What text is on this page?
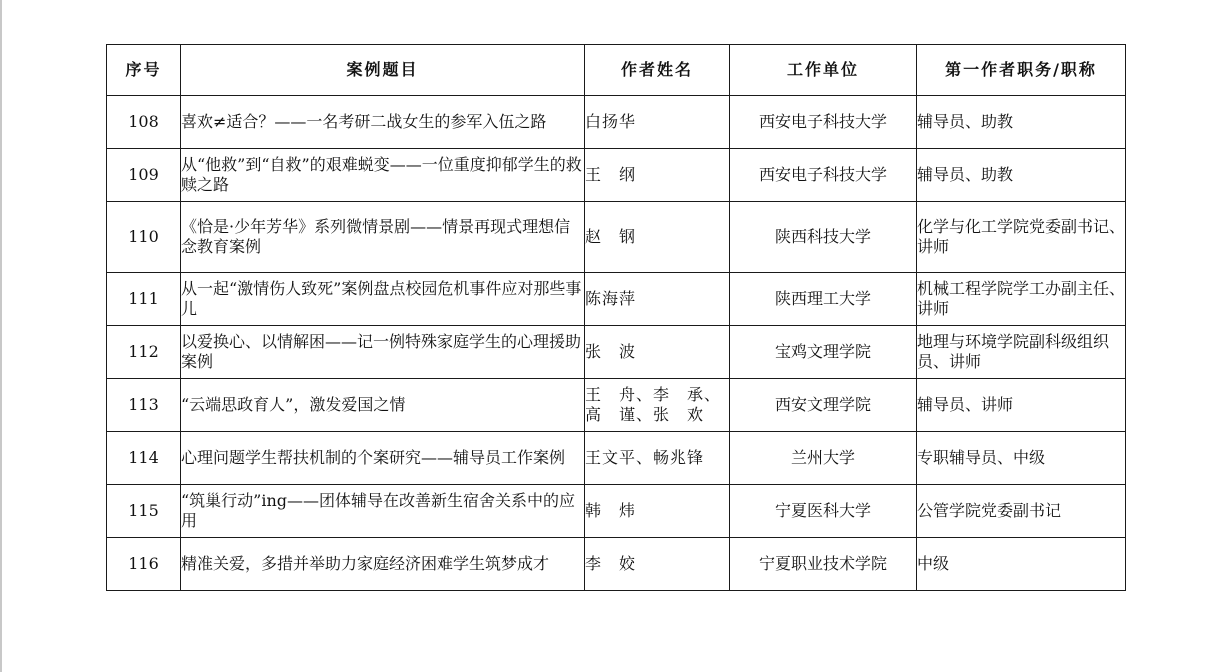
序号	案例题目	作者姓名	工作单位	第一作者职务/职称
108	喜欢≠适合？——一名考研二战女生的参军入伍之路	白扬华	西安电子科技大学	辅导员、助教
109	从“他救”到“自救”的艰难蜕变——一位重度抑郁学生的救赎之路	王　纲	西安电子科技大学	辅导员、助教
110	《恰是·少年芳华》系列微情景剧——情景再现式理想信念教育案例	赵　钢	陕西科技大学	化学与化工学院党委副书记、讲师
111	从一起“激情伤人致死”案例盘点校园危机事件应对那些事儿	陈海萍	陕西理工大学	机械工程学院学工办副主任、讲师
112	以爱换心、以情解困——记一例特殊家庭学生的心理援助案例	张　波	宝鸡文理学院	地理与环境学院副科级组织员、讲师
113	“云端思政育人”，激发爱国之情	王　舟、李　承、高　谨、张　欢	西安文理学院	辅导员、讲师
114	心理问题学生帮扶机制的个案研究——辅导员工作案例	王文平、畅兆锋	兰州大学	专职辅导员、中级
115	“筑巢行动”ing——团体辅导在改善新生宿舍关系中的应用	韩　炜	宁夏医科大学	公管学院党委副书记
116	精准关爱，多措并举助力家庭经济困难学生筑梦成才	李　姣	宁夏职业技术学院	中级
